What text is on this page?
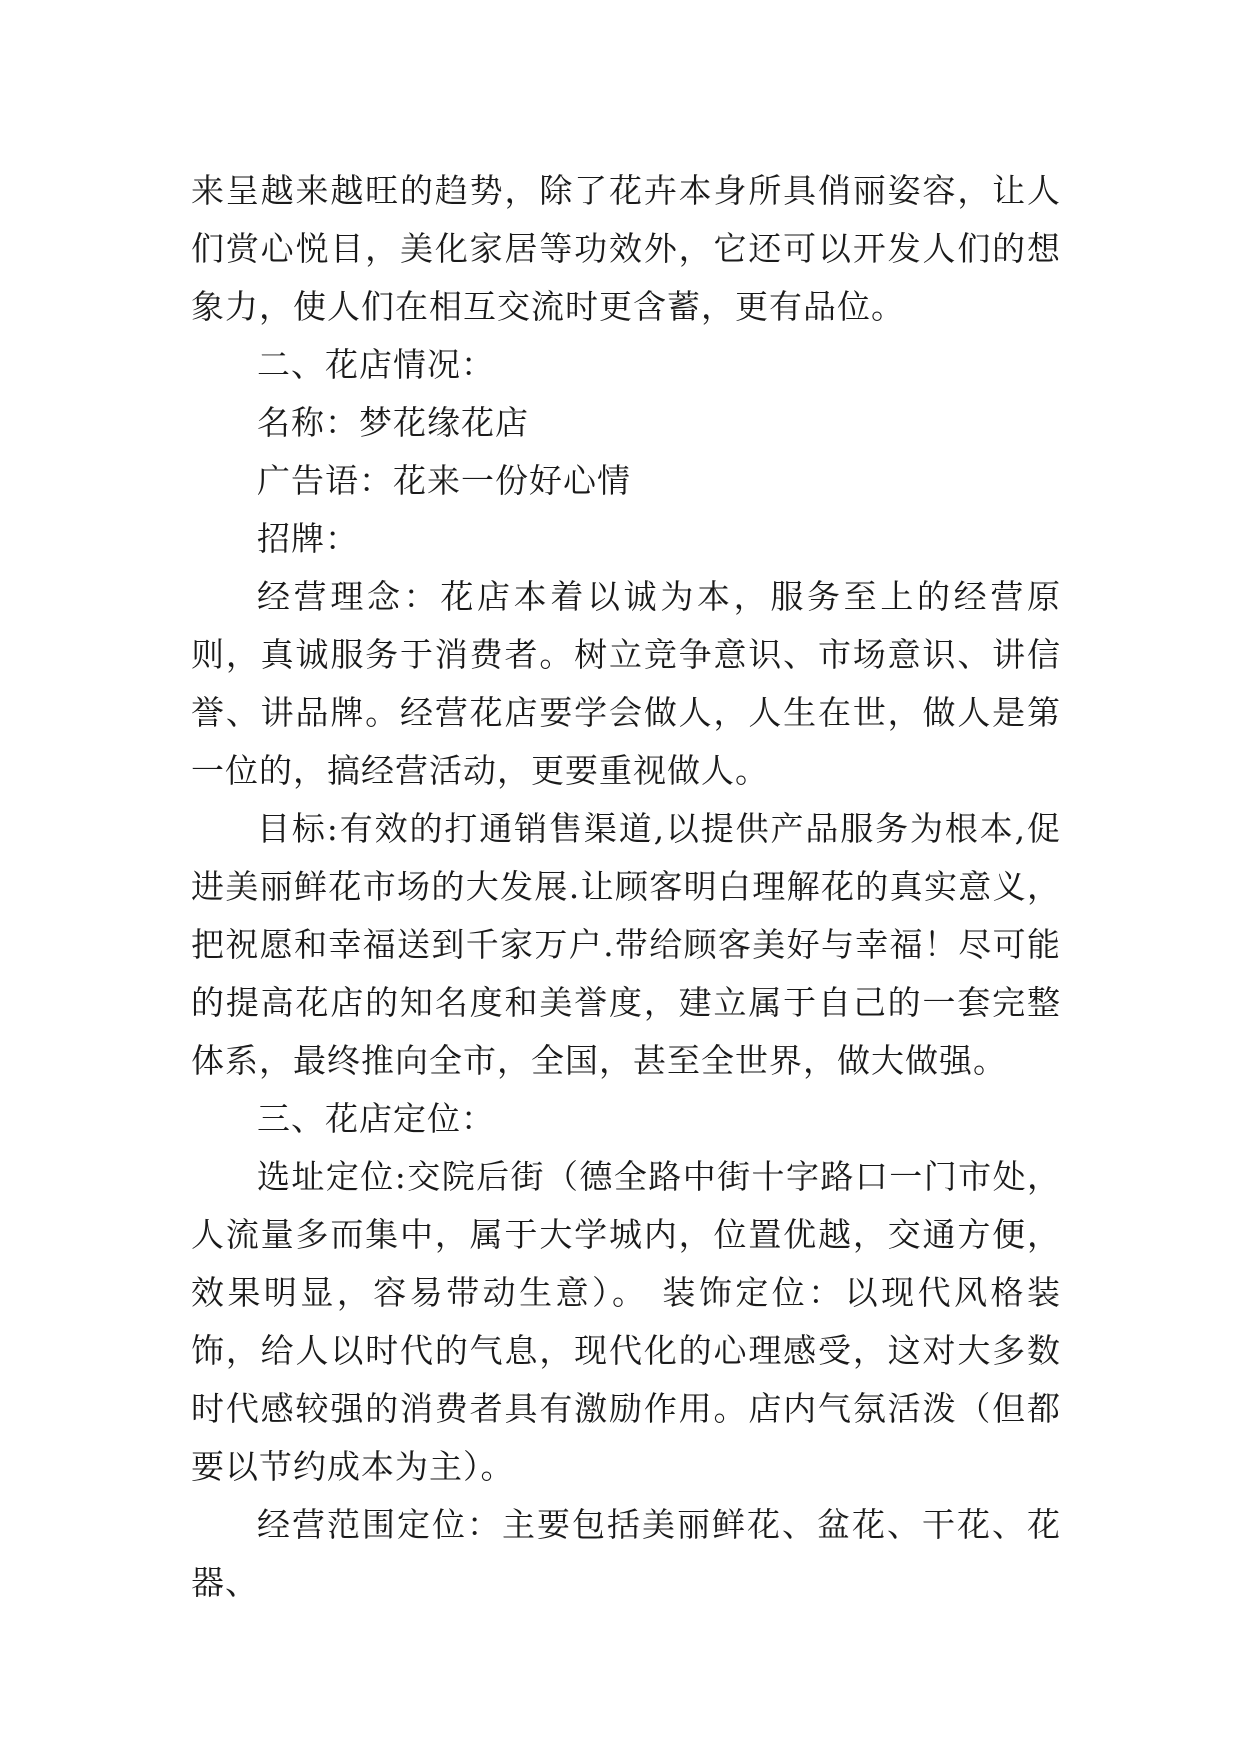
来呈越来越旺的趋势，除了花卉本身所具俏丽姿容，让人们赏心悦目，美化家居等功效外，它还可以开发人们的想象力，使人们在相互交流时更含蓄，更有品位。

二、花店情况：

名称：梦花缘花店

广告语：花来一份好心情

招牌：

经营理念：花店本着以诚为本，服务至上的经营原则，真诚服务于消费者。树立竞争意识、市场意识、讲信誉、讲品牌。经营花店要学会做人，人生在世，做人是第一位的，搞经营活动，更要重视做人。

目标:有效的打通销售渠道,以提供产品服务为根本,促进美丽鲜花市场的大发展.让顾客明白理解花的真实意义，把祝愿和幸福送到千家万户.带给顾客美好与幸福！尽可能的提高花店的知名度和美誉度，建立属于自己的一套完整体系，最终推向全市，全国，甚至全世界，做大做强。

三、花店定位：

选址定位:交院后街（德全路中街十字路口一门市处，人流量多而集中，属于大学城内，位置优越，交通方便，效果明显，容易带动生意）。 装饰定位：以现代风格装饰，给人以时代的气息，现代化的心理感受，这对大多数时代感较强的消费者具有激励作用。店内气氛活泼（但都要以节约成本为主）。

经营范围定位：主要包括美丽鲜花、盆花、干花、花器、
